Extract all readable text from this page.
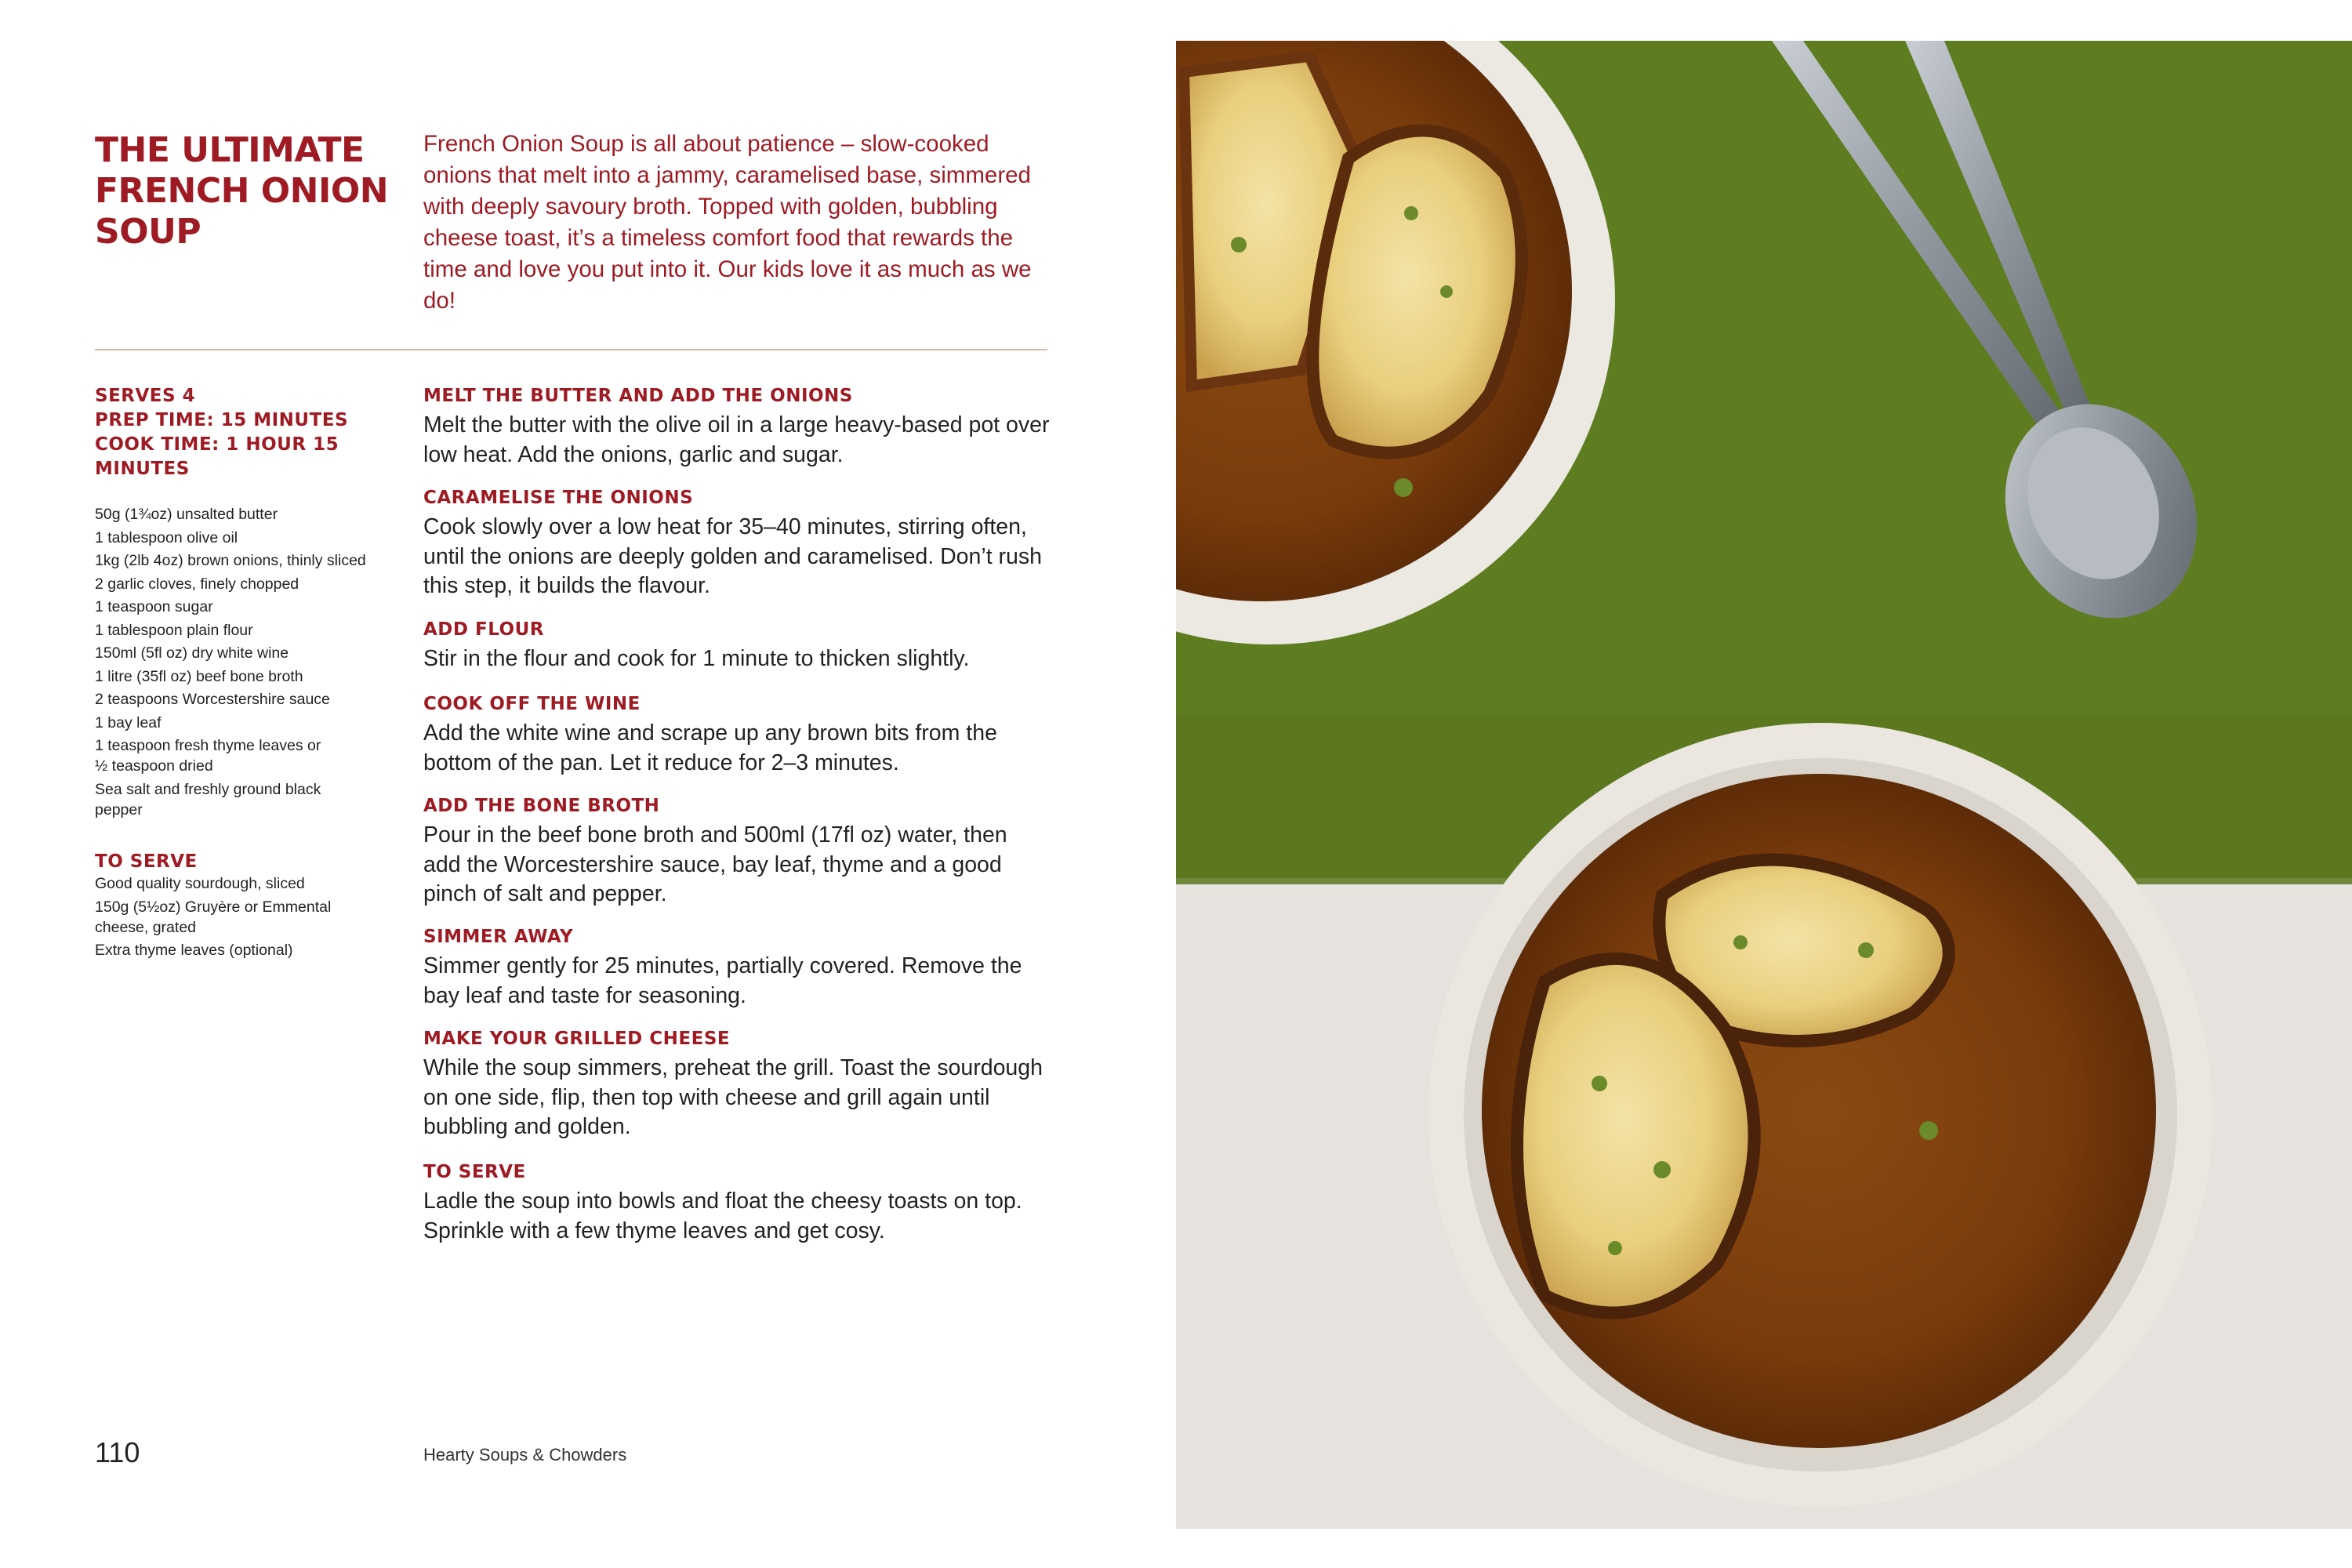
THE ULTIMATE FRENCH ONION SOUP

French Onion Soup is all about patience – slow-cooked onions that melt into a jammy, caramelised base, simmered with deeply savoury broth. Topped with golden, bubbling cheese toast, it’s a timeless comfort food that rewards the time and love you put into it. Our kids love it as much as we do!

SERVES 4
PREP TIME: 15 MINUTES
COOK TIME: 1 HOUR 15 MINUTES
50g (1¾oz) unsalted butter
1 tablespoon olive oil
1kg (2lb 4oz) brown onions, thinly sliced
2 garlic cloves, finely chopped
1 teaspoon sugar
1 tablespoon plain flour
150ml (5fl oz) dry white wine
1 litre (35fl oz) beef bone broth
2 teaspoons Worcestershire sauce
1 bay leaf
1 teaspoon fresh thyme leaves or ½ teaspoon dried
Sea salt and freshly ground black pepper
TO SERVE
Good quality sourdough, sliced
150g (5½oz) Gruyère or Emmental cheese, grated
Extra thyme leaves (optional)
MELT THE BUTTER AND ADD THE ONIONS

Melt the butter with the olive oil in a large heavy-based pot over low heat. Add the onions, garlic and sugar.

CARAMELISE THE ONIONS

Cook slowly over a low heat for 35–40 minutes, stirring often, until the onions are deeply golden and caramelised. Don’t rush this step, it builds the flavour.

ADD FLOUR

Stir in the flour and cook for 1 minute to thicken slightly.

COOK OFF THE WINE

Add the white wine and scrape up any brown bits from the bottom of the pan. Let it reduce for 2–3 minutes.

ADD THE BONE BROTH

Pour in the beef bone broth and 500ml (17fl oz) water, then add the Worcestershire sauce, bay leaf, thyme and a good pinch of salt and pepper.

SIMMER AWAY

Simmer gently for 25 minutes, partially covered. Remove the bay leaf and taste for seasoning.

MAKE YOUR GRILLED CHEESE

While the soup simmers, preheat the grill. Toast the sourdough on one side, flip, then top with cheese and grill again until bubbling and golden.

TO SERVE

Ladle the soup into bowls and float the cheesy toasts on top. Sprinkle with a few thyme leaves and get cosy.

110	Hearty Soups & Chowders
